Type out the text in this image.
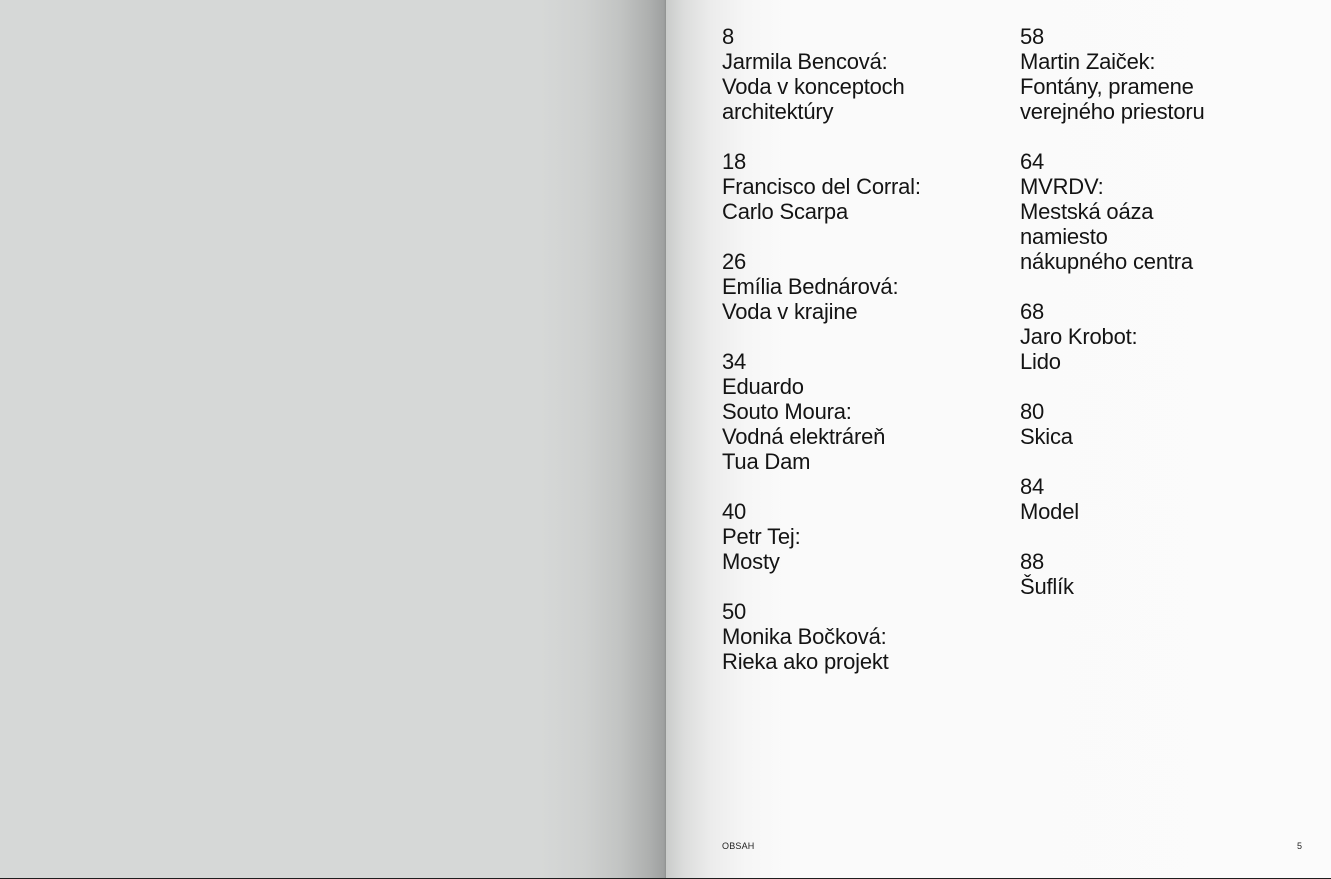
8
Jarmila Bencová:
Voda v konceptoch
architektúry
18
Francisco del Corral:
Carlo Scarpa
26
Emília Bednárová:
Voda v krajine
34
Eduardo
Souto Moura:
Vodná elektráreň
Tua Dam
40
Petr Tej:
Mosty
50
Monika Bočková:
Rieka ako projekt
58
Martin Zaiček:
Fontány, pramene
verejného priestoru
64
MVRDV:
Mestská oáza
namiesto
nákupného centra
68
Jaro Krobot:
Lido
80
Skica
84
Model
88
Šuflík
OBSAH	5
